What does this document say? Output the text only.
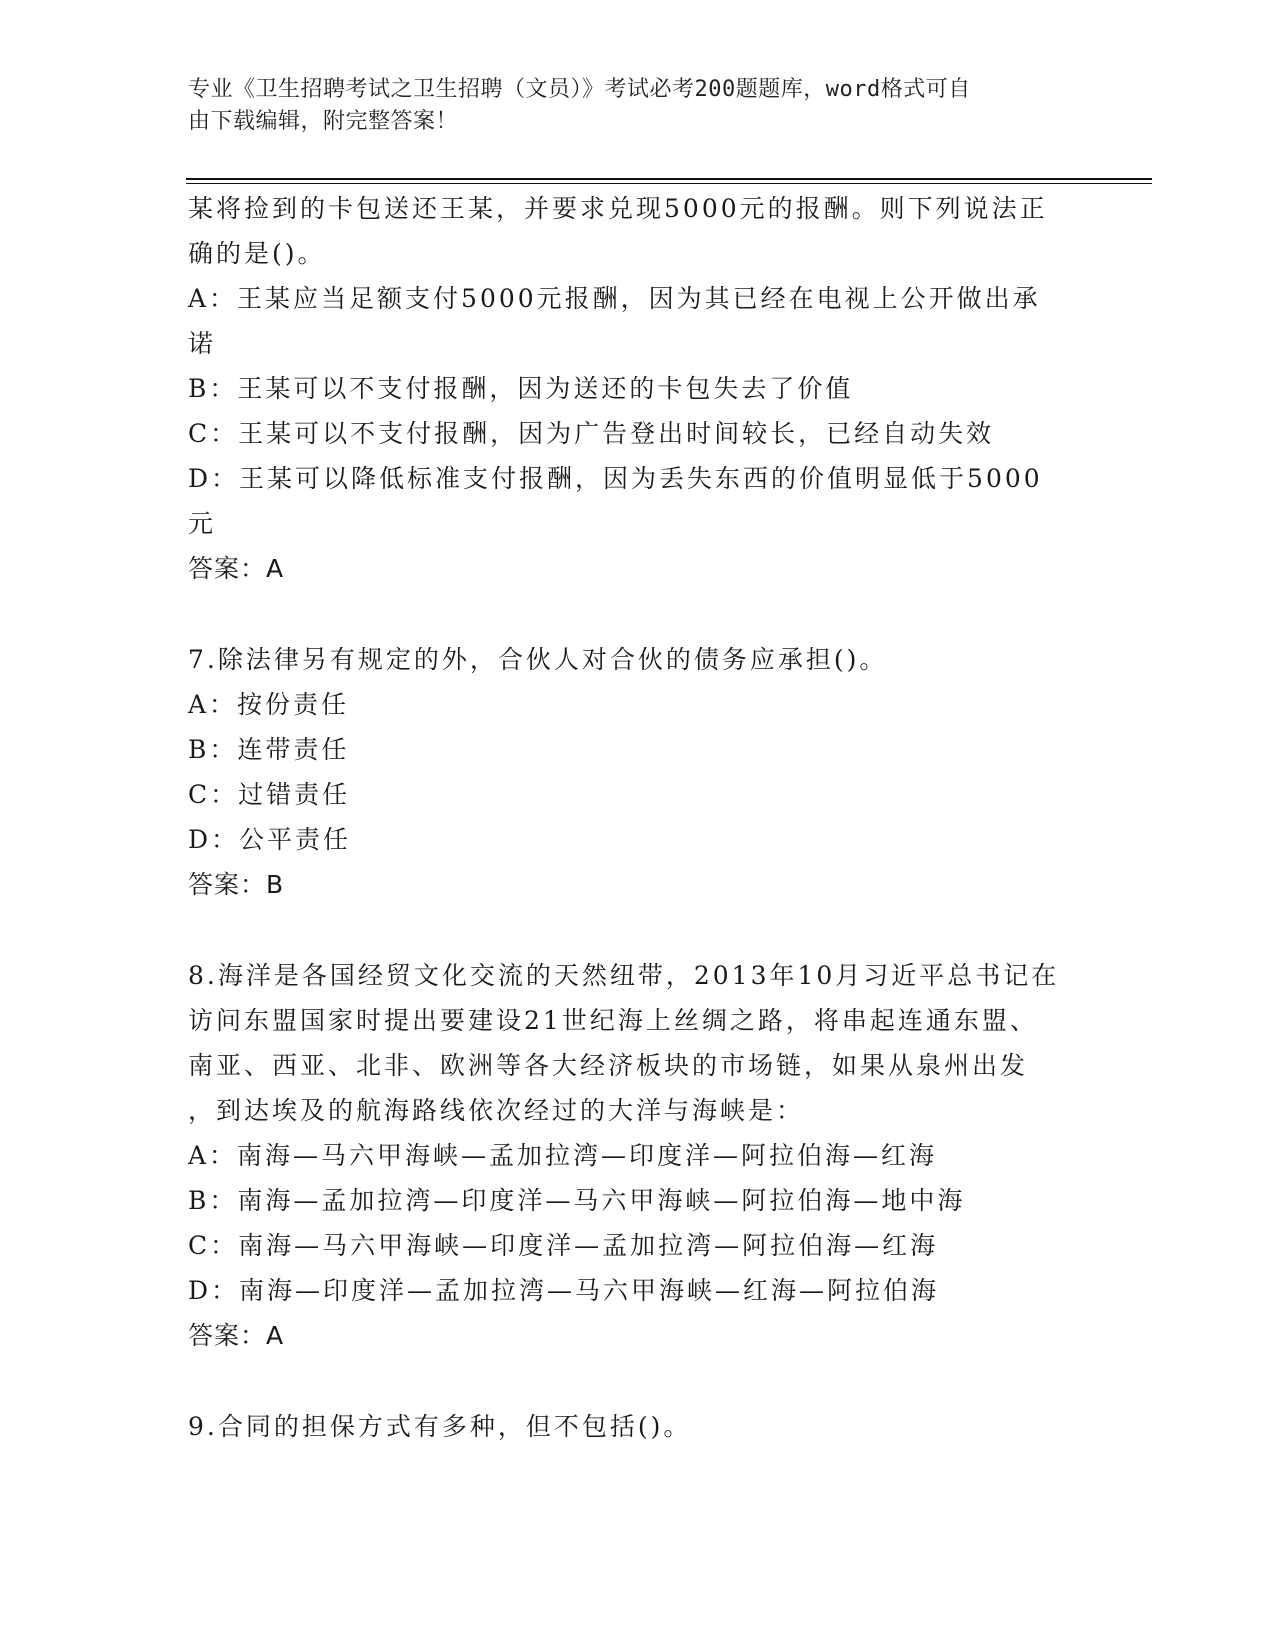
专业《卫生招聘考试之卫生招聘（文员）》考试必考200题题库，word格式可自
由下载编辑，附完整答案！
某将捡到的卡包送还王某，并要求兑现5000元的报酬。则下列说法正
确的是()。
A：王某应当足额支付5000元报酬，因为其已经在电视上公开做出承
诺
B：王某可以不支付报酬，因为送还的卡包失去了价值
C：王某可以不支付报酬，因为广告登出时间较长，已经自动失效
D：王某可以降低标准支付报酬，因为丢失东西的价值明显低于5000
元
答案：A
7.除法律另有规定的外，合伙人对合伙的债务应承担()。
A：按份责任
B：连带责任
C：过错责任
D：公平责任
答案：B
8.海洋是各国经贸文化交流的天然纽带，2013年10月习近平总书记在
访问东盟国家时提出要建设21世纪海上丝绸之路，将串起连通东盟、
南亚、西亚、北非、欧洲等各大经济板块的市场链，如果从泉州出发
，到达埃及的航海路线依次经过的大洋与海峡是：
A：南海—马六甲海峡—孟加拉湾—印度洋—阿拉伯海—红海
B：南海—孟加拉湾—印度洋—马六甲海峡—阿拉伯海—地中海
C：南海—马六甲海峡—印度洋—孟加拉湾—阿拉伯海—红海
D：南海—印度洋—孟加拉湾—马六甲海峡—红海—阿拉伯海
答案：A
9.合同的担保方式有多种，但不包括()。
